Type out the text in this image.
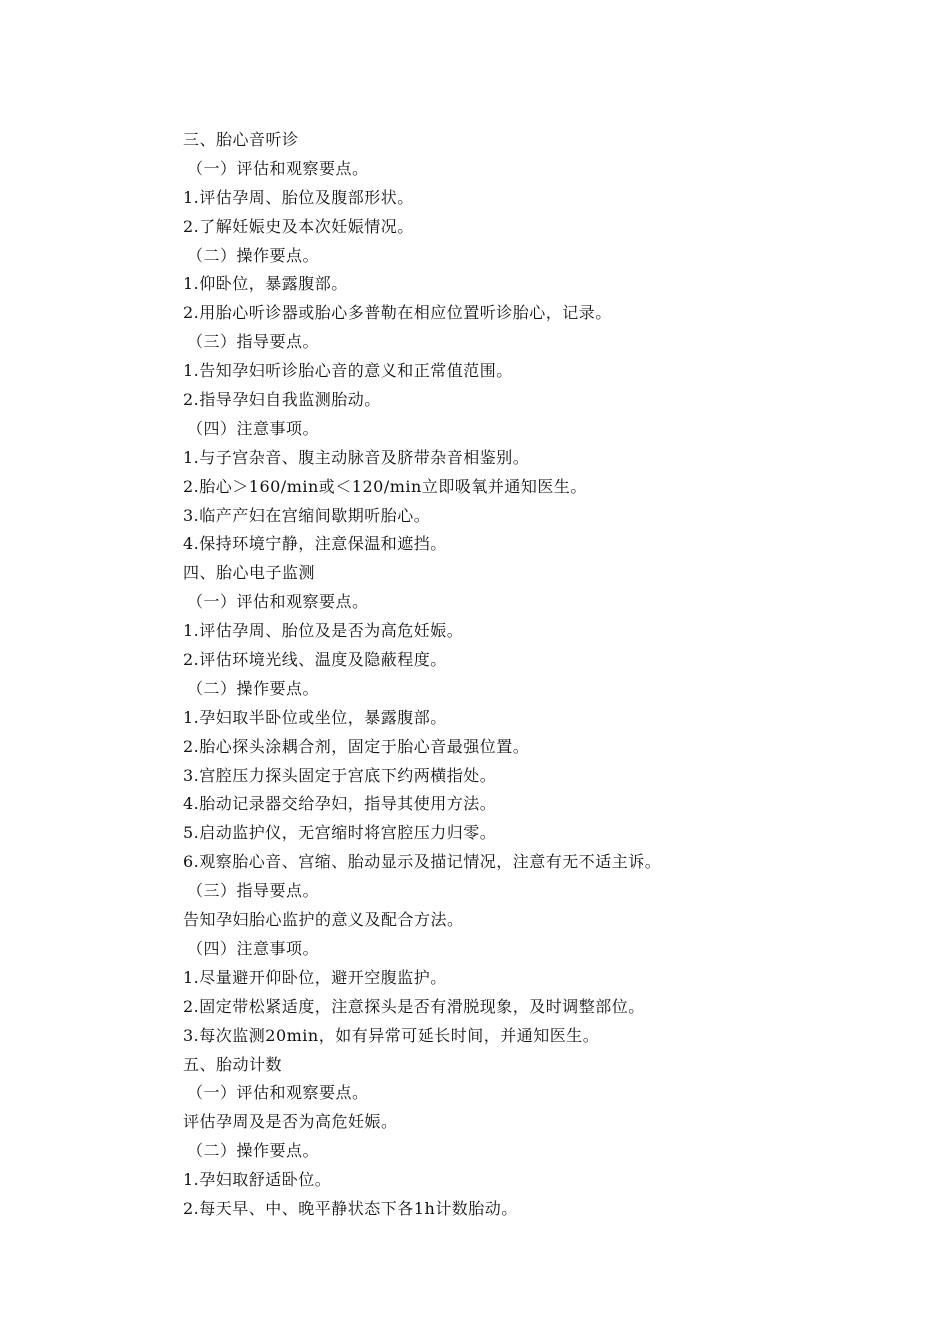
三、胎心音听诊
（一）评估和观察要点。
1.评估孕周、胎位及腹部形状。
2.了解妊娠史及本次妊娠情况。
（二）操作要点。
1.仰卧位，暴露腹部。
2.用胎心听诊器或胎心多普勒在相应位置听诊胎心，记录。
（三）指导要点。
1.告知孕妇听诊胎心音的意义和正常值范围。
2.指导孕妇自我监测胎动。
（四）注意事项。
1.与子宫杂音、腹主动脉音及脐带杂音相鉴别。
2.胎心＞160/min或＜120/min立即吸氧并通知医生。
3.临产产妇在宫缩间歇期听胎心。
4.保持环境宁静，注意保温和遮挡。
四、胎心电子监测
（一）评估和观察要点。
1.评估孕周、胎位及是否为高危妊娠。
2.评估环境光线、温度及隐蔽程度。
（二）操作要点。
1.孕妇取半卧位或坐位，暴露腹部。
2.胎心探头涂耦合剂，固定于胎心音最强位置。
3.宫腔压力探头固定于宫底下约两横指处。
4.胎动记录器交给孕妇，指导其使用方法。
5.启动监护仪，无宫缩时将宫腔压力归零。
6.观察胎心音、宫缩、胎动显示及描记情况，注意有无不适主诉。
（三）指导要点。
告知孕妇胎心监护的意义及配合方法。
（四）注意事项。
1.尽量避开仰卧位，避开空腹监护。
2.固定带松紧适度，注意探头是否有滑脱现象，及时调整部位。
3.每次监测20min，如有异常可延长时间，并通知医生。
五、胎动计数
（一）评估和观察要点。
评估孕周及是否为高危妊娠。
（二）操作要点。
1.孕妇取舒适卧位。
2.每天早、中、晚平静状态下各1h计数胎动。
